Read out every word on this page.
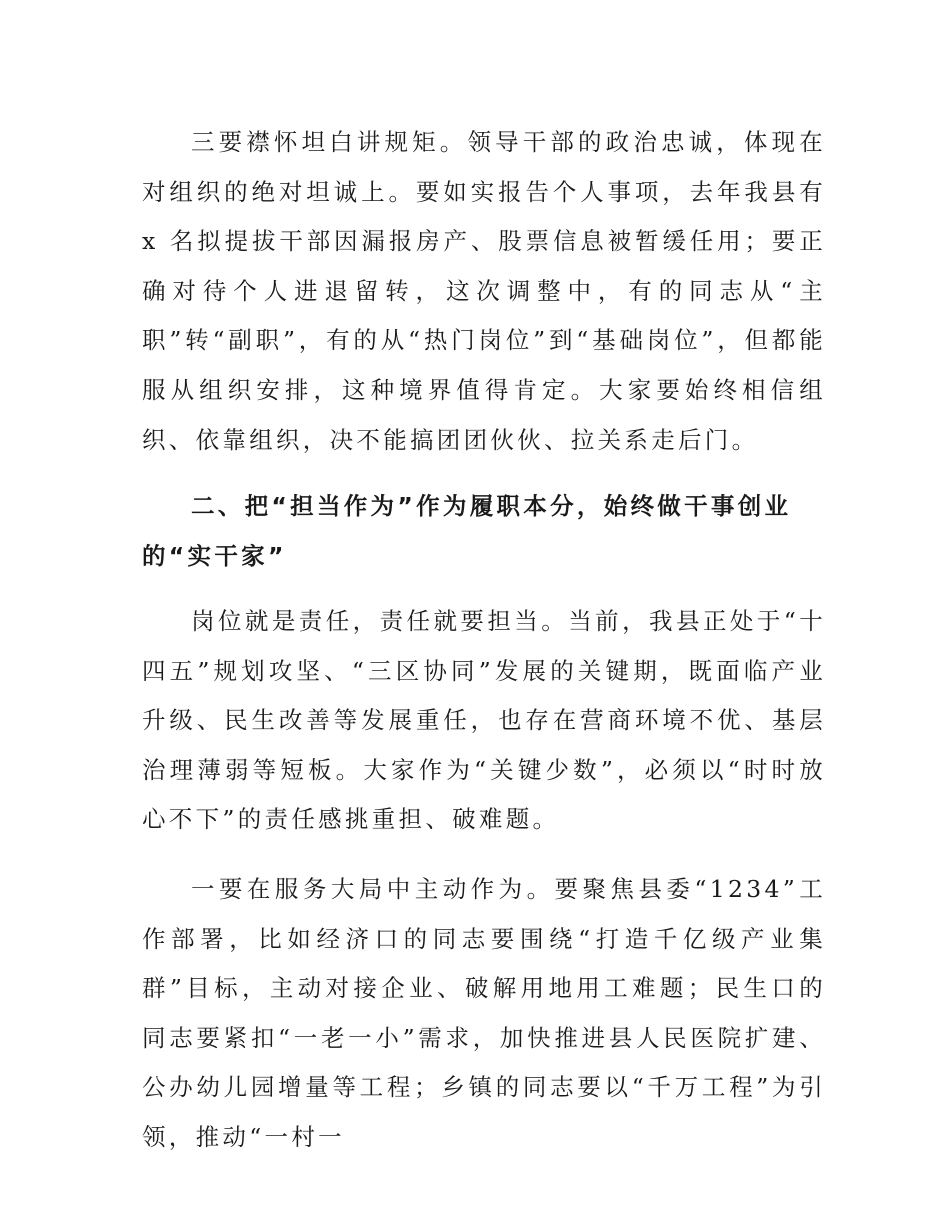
三要襟怀坦白讲规矩。领导干部的政治忠诚，体现在对组织的绝对坦诚上。要如实报告个人事项，去年我县有 x 名拟提拔干部因漏报房产、股票信息被暂缓任用；要正确对待个人进退留转，这次调整中，有的同志从“主职”转“副职”，有的从“热门岗位”到“基础岗位”，但都能服从组织安排，这种境界值得肯定。大家要始终相信组织、依靠组织，决不能搞团团伙伙、拉关系走后门。

二、把“担当作为”作为履职本分，始终做干事创业的“实干家”

岗位就是责任，责任就要担当。当前，我县正处于“十四五”规划攻坚、“三区协同”发展的关键期，既面临产业升级、民生改善等发展重任，也存在营商环境不优、基层治理薄弱等短板。大家作为“关键少数”，必须以“时时放心不下”的责任感挑重担、破难题。

一要在服务大局中主动作为。要聚焦县委“1234”工作部署，比如经济口的同志要围绕“打造千亿级产业集群”目标，主动对接企业、破解用地用工难题；民生口的同志要紧扣“一老一小”需求，加快推进县人民医院扩建、公办幼儿园增量等工程；乡镇的同志要以“千万工程”为引领，推动“一村一
